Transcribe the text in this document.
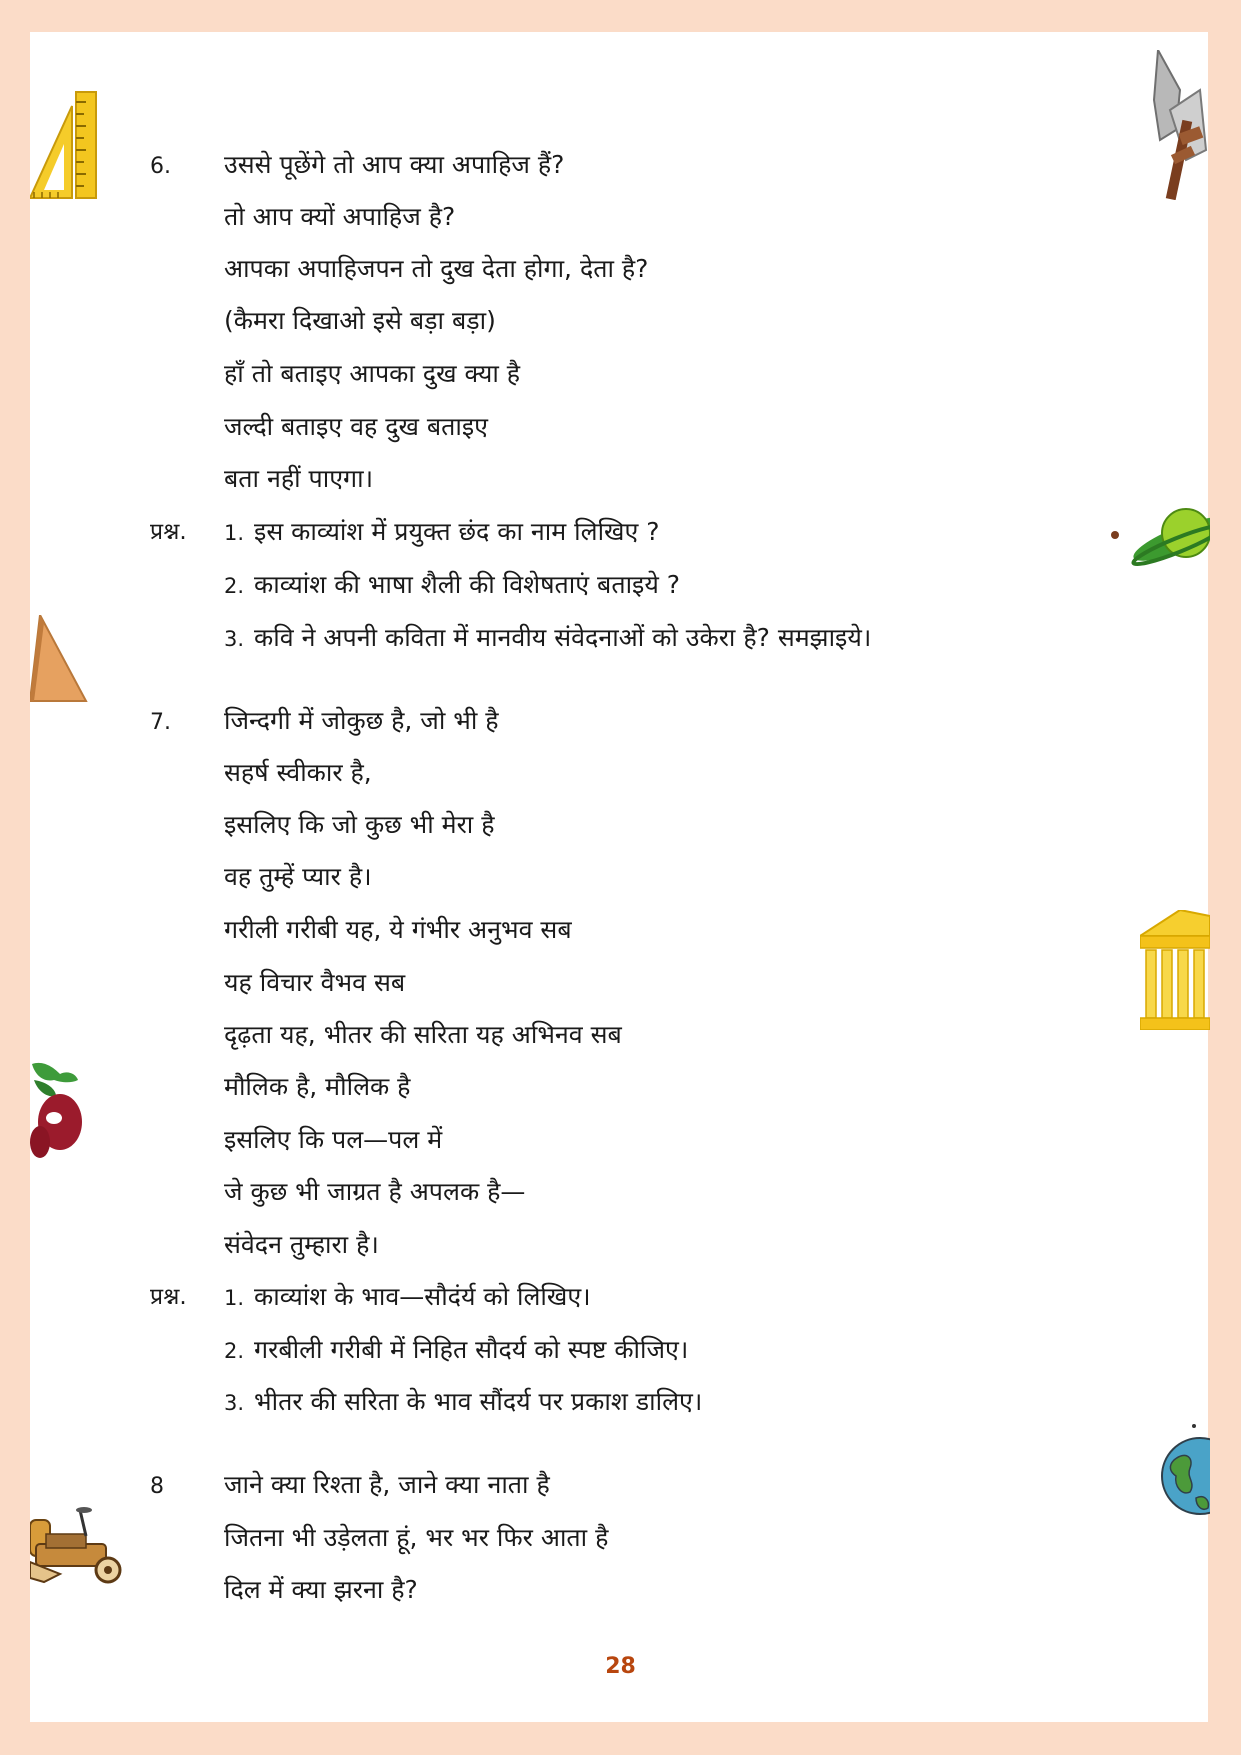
6. उससे पूछेंगे तो आप क्या अपाहिज हैं?
तो आप क्यों अपाहिज है?
आपका अपाहिजपन तो दुख देता होगा, देता है?
(कैमरा दिखाओ इसे बड़ा बड़ा)
हाँ तो बताइए आपका दुख क्या है
जल्दी बताइए वह दुख बताइए
बता नहीं पाएगा।
प्रश्न. 1. इस काव्यांश में प्रयुक्त छंद का नाम लिखिए ?
2. काव्यांश की भाषा शैली की विशेषताएं बताइये ?
3. कवि ने अपनी कविता में मानवीय संवेदनाओं को उकेरा है? समझाइये।
7. जिन्दगी में जोकुछ है, जो भी है
सहर्ष स्वीकार है,
इसलिए कि जो कुछ भी मेरा है
वह तुम्हें प्यार है।
गरीली गरीबी यह, ये गंभीर अनुभव सब
यह विचार वैभव सब
दृढ़ता यह, भीतर की सरिता यह अभिनव सब
मौलिक है, मौलिक है
इसलिए कि पल—पल में
जे कुछ भी जाग्रत है अपलक है—
संवेदन तुम्हारा है।
प्रश्न. 1. काव्यांश के भाव—सौदंर्य को लिखिए।
2. गरबीली गरीबी में निहित सौदर्य को स्पष्ट कीजिए।
3. भीतर की सरिता के भाव सौंदर्य पर प्रकाश डालिए।
8 जाने क्या रिश्ता है, जाने क्या नाता है
जितना भी उड़ेलता हूं, भर भर फिर आता है
दिल में क्या झरना है?
28
